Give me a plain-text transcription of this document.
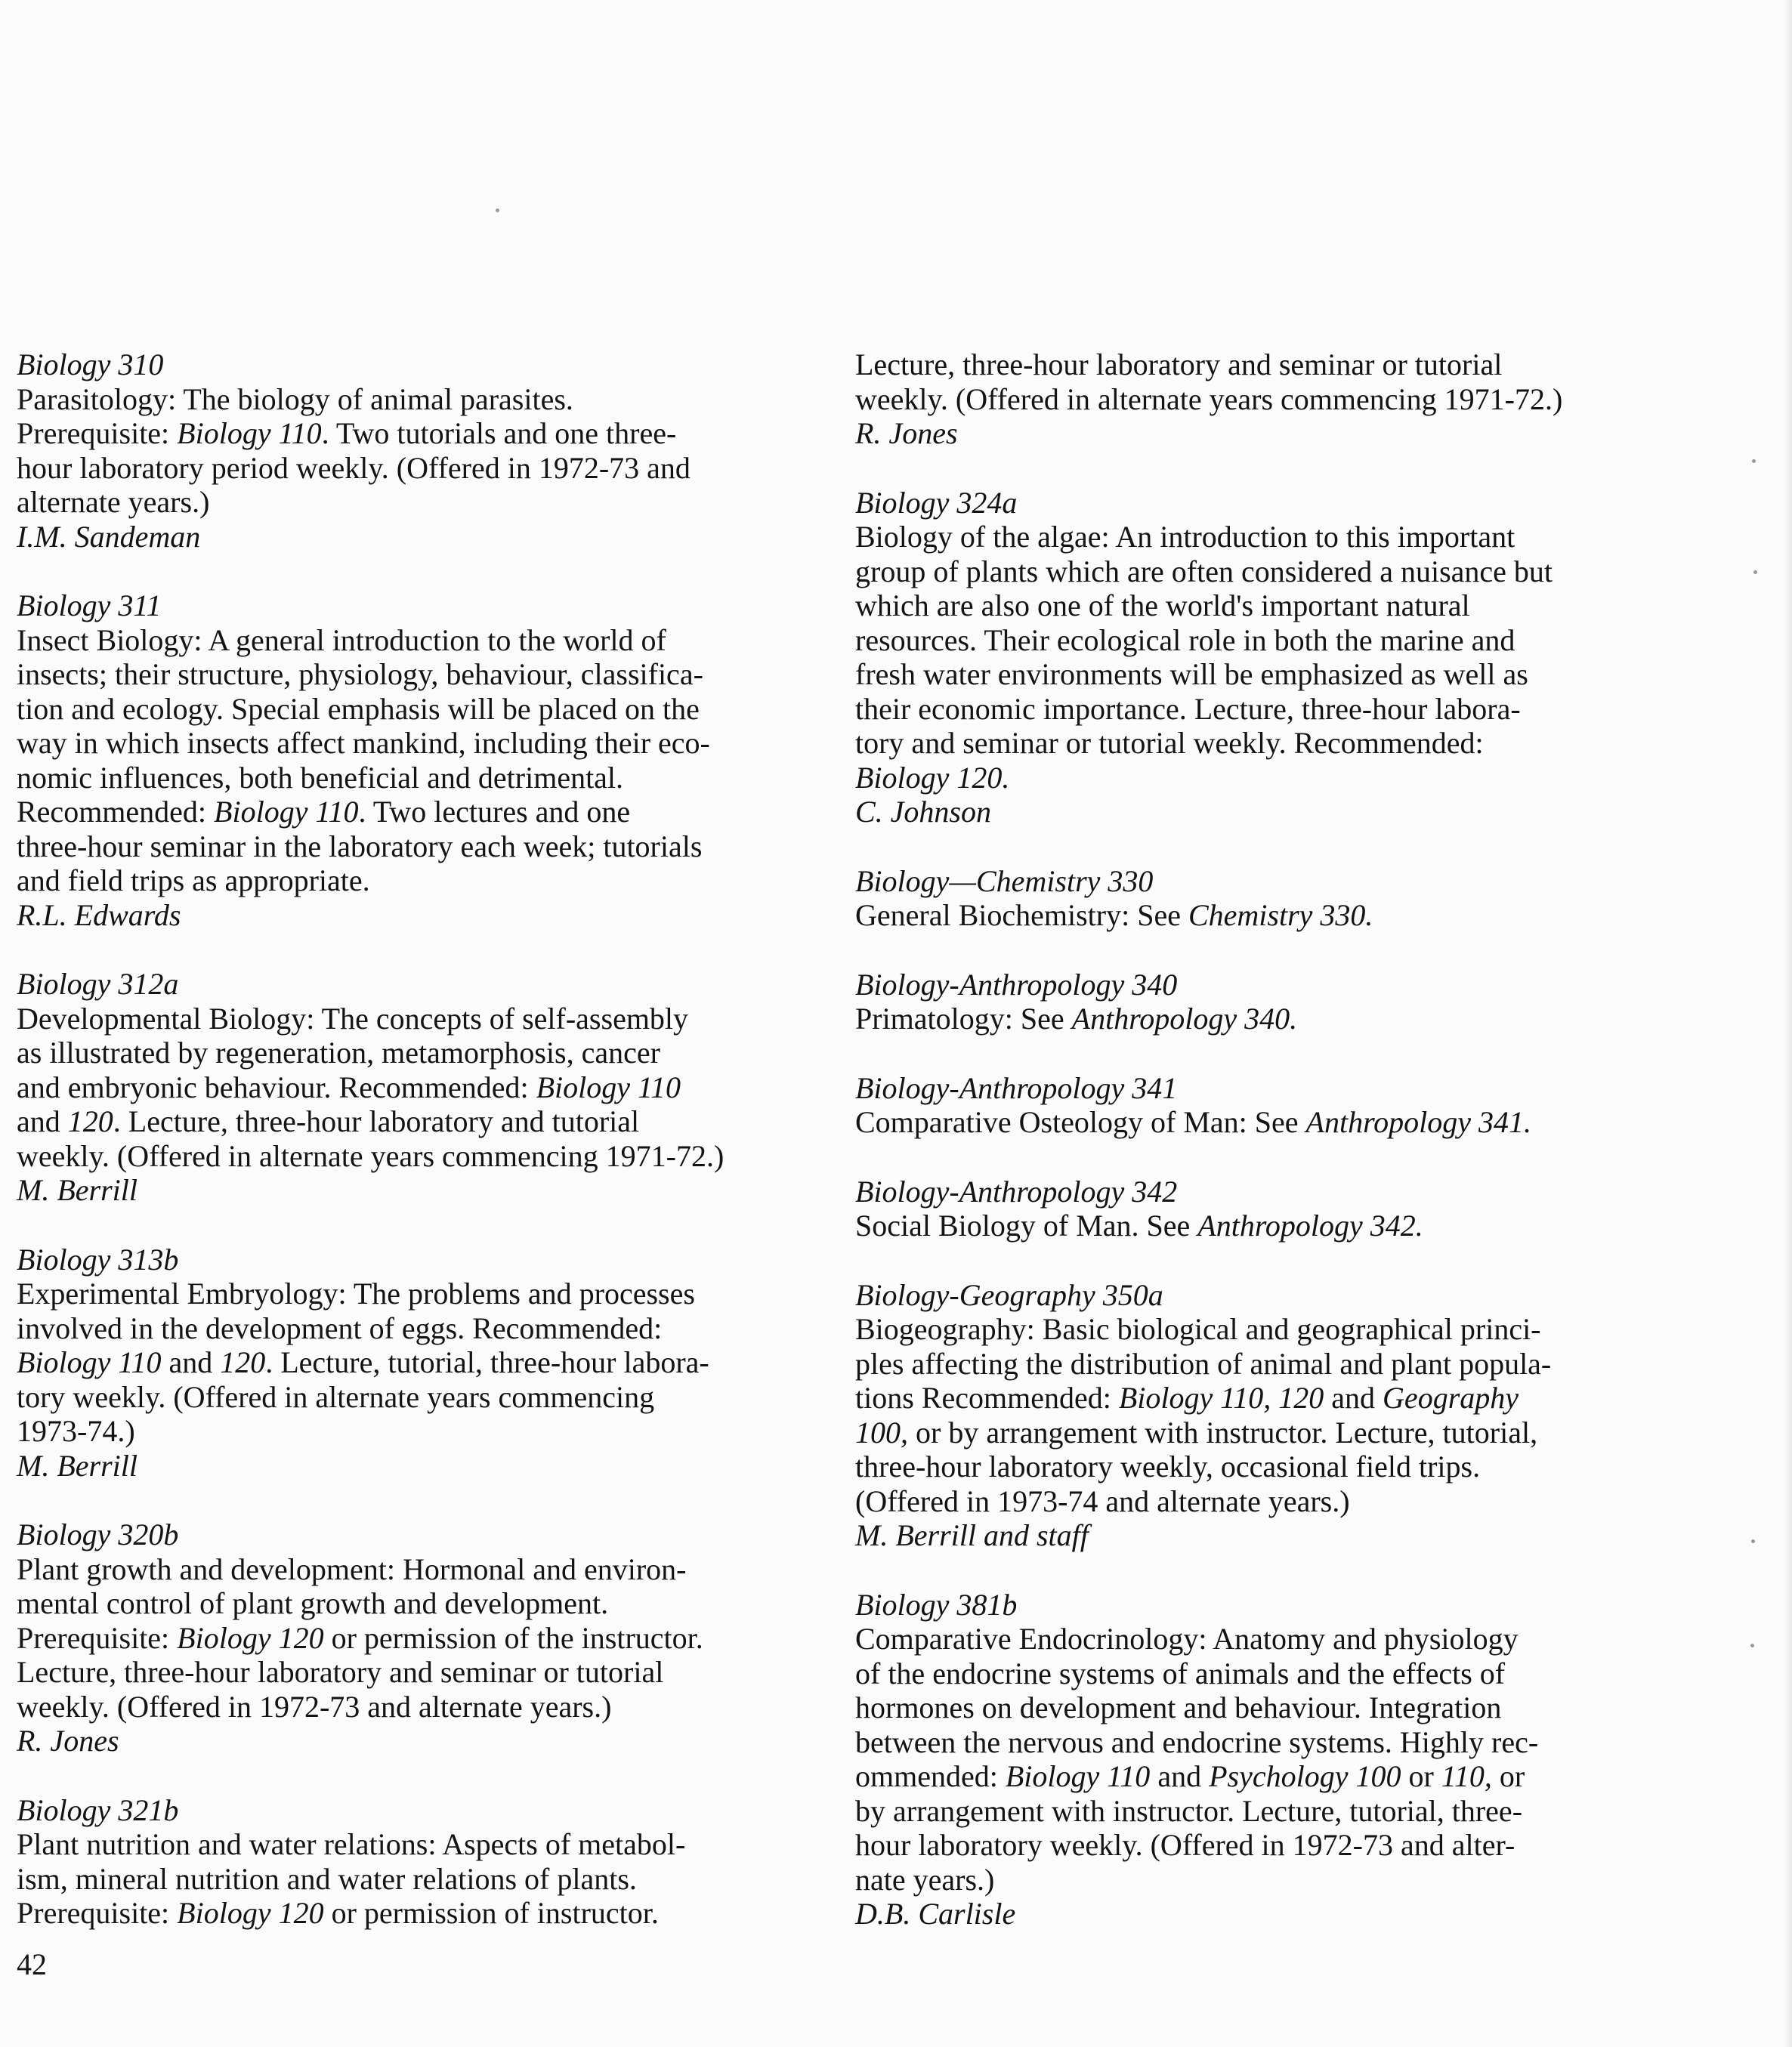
Biology 310
Parasitology: The biology of animal parasites.
Prerequisite: Biology 110. Two tutorials and one three-
hour laboratory period weekly. (Offered in 1972-73 and
alternate years.)
I.M. Sandeman
Biology 311
Insect Biology: A general introduction to the world of
insects; their structure, physiology, behaviour, classifica-
tion and ecology. Special emphasis will be placed on the
way in which insects affect mankind, including their eco-
nomic influences, both beneficial and detrimental.
Recommended: Biology 110. Two lectures and one
three-hour seminar in the laboratory each week; tutorials
and field trips as appropriate.
R.L. Edwards
Biology 312a
Developmental Biology: The concepts of self-assembly
as illustrated by regeneration, metamorphosis, cancer
and embryonic behaviour. Recommended: Biology 110
and 120. Lecture, three-hour laboratory and tutorial
weekly. (Offered in alternate years commencing 1971-72.)
M. Berrill
Biology 313b
Experimental Embryology: The problems and processes
involved in the development of eggs. Recommended:
Biology 110 and 120. Lecture, tutorial, three-hour labora-
tory weekly. (Offered in alternate years commencing
1973-74.)
M. Berrill
Biology 320b
Plant growth and development: Hormonal and environ-
mental control of plant growth and development.
Prerequisite: Biology 120 or permission of the instructor.
Lecture, three-hour laboratory and seminar or tutorial
weekly. (Offered in 1972-73 and alternate years.)
R. Jones
Biology 321b
Plant nutrition and water relations: Aspects of metabol-
ism, mineral nutrition and water relations of plants.
Prerequisite: Biology 120 or permission of instructor.
Lecture, three-hour laboratory and seminar or tutorial
weekly. (Offered in alternate years commencing 1971-72.)
R. Jones
Biology 324a
Biology of the algae: An introduction to this important
group of plants which are often considered a nuisance but
which are also one of the world's important natural
resources. Their ecological role in both the marine and
fresh water environments will be emphasized as well as
their economic importance. Lecture, three-hour labora-
tory and seminar or tutorial weekly. Recommended:
Biology 120.
C. Johnson
Biology—Chemistry 330
General Biochemistry: See Chemistry 330.
Biology-Anthropology 340
Primatology: See Anthropology 340.
Biology-Anthropology 341
Comparative Osteology of Man: See Anthropology 341.
Biology-Anthropology 342
Social Biology of Man. See Anthropology 342.
Biology-Geography 350a
Biogeography: Basic biological and geographical princi-
ples affecting the distribution of animal and plant popula-
tions Recommended: Biology 110, 120 and Geography
100, or by arrangement with instructor. Lecture, tutorial,
three-hour laboratory weekly, occasional field trips.
(Offered in 1973-74 and alternate years.)
M. Berrill and staff
Biology 381b
Comparative Endocrinology: Anatomy and physiology
of the endocrine systems of animals and the effects of
hormones on development and behaviour. Integration
between the nervous and endocrine systems. Highly rec-
ommended: Biology 110 and Psychology 100 or 110, or
by arrangement with instructor. Lecture, tutorial, three-
hour laboratory weekly. (Offered in 1972-73 and alter-
nate years.)
D.B. Carlisle
42
